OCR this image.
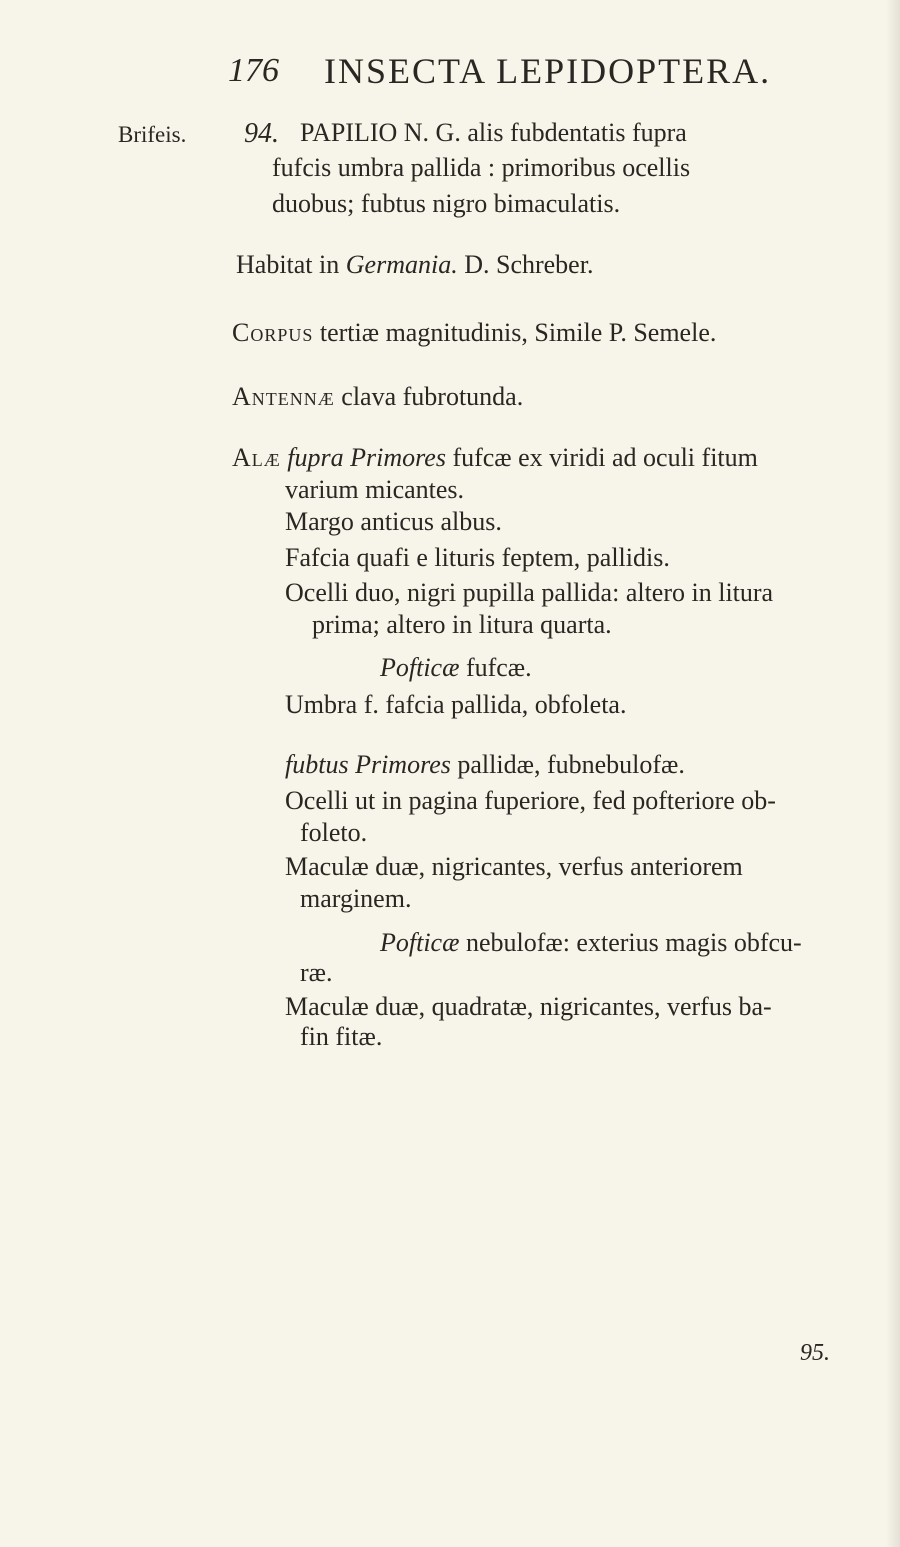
176 INSECTA LEPIDOPTERA.
Brifeis. 94. PAPILIO N. G. alis fubdentatis fupra
fufcis umbra pallida : primoribus ocellis
duobus; fubtus nigro bimaculatis.
Habitat in Germania. D. Schreber.
Corpus tertiæ magnitudinis, Simile P. Semele.
Antennæ clava fubrotunda.
Alæ fupra Primores fufcæ ex viridi ad oculi fitum
varium micantes.
Margo anticus albus.
Fafcia quafi e lituris feptem, pallidis.
Ocelli duo, nigri pupilla pallida: altero in litura
prima; altero in litura quarta.
Pofticæ fufcæ.
Umbra f. fafcia pallida, obfoleta.
fubtus Primores pallidæ, fubnebulofæ.
Ocelli ut in pagina fuperiore, fed pofteriore ob-
foleto.
Maculæ duæ, nigricantes, verfus anteriorem
marginem.
Pofticæ nebulofæ: exterius magis obfcu-
ræ.
Maculæ duæ, quadratæ, nigricantes, verfus ba-
fin fitæ.
95.
